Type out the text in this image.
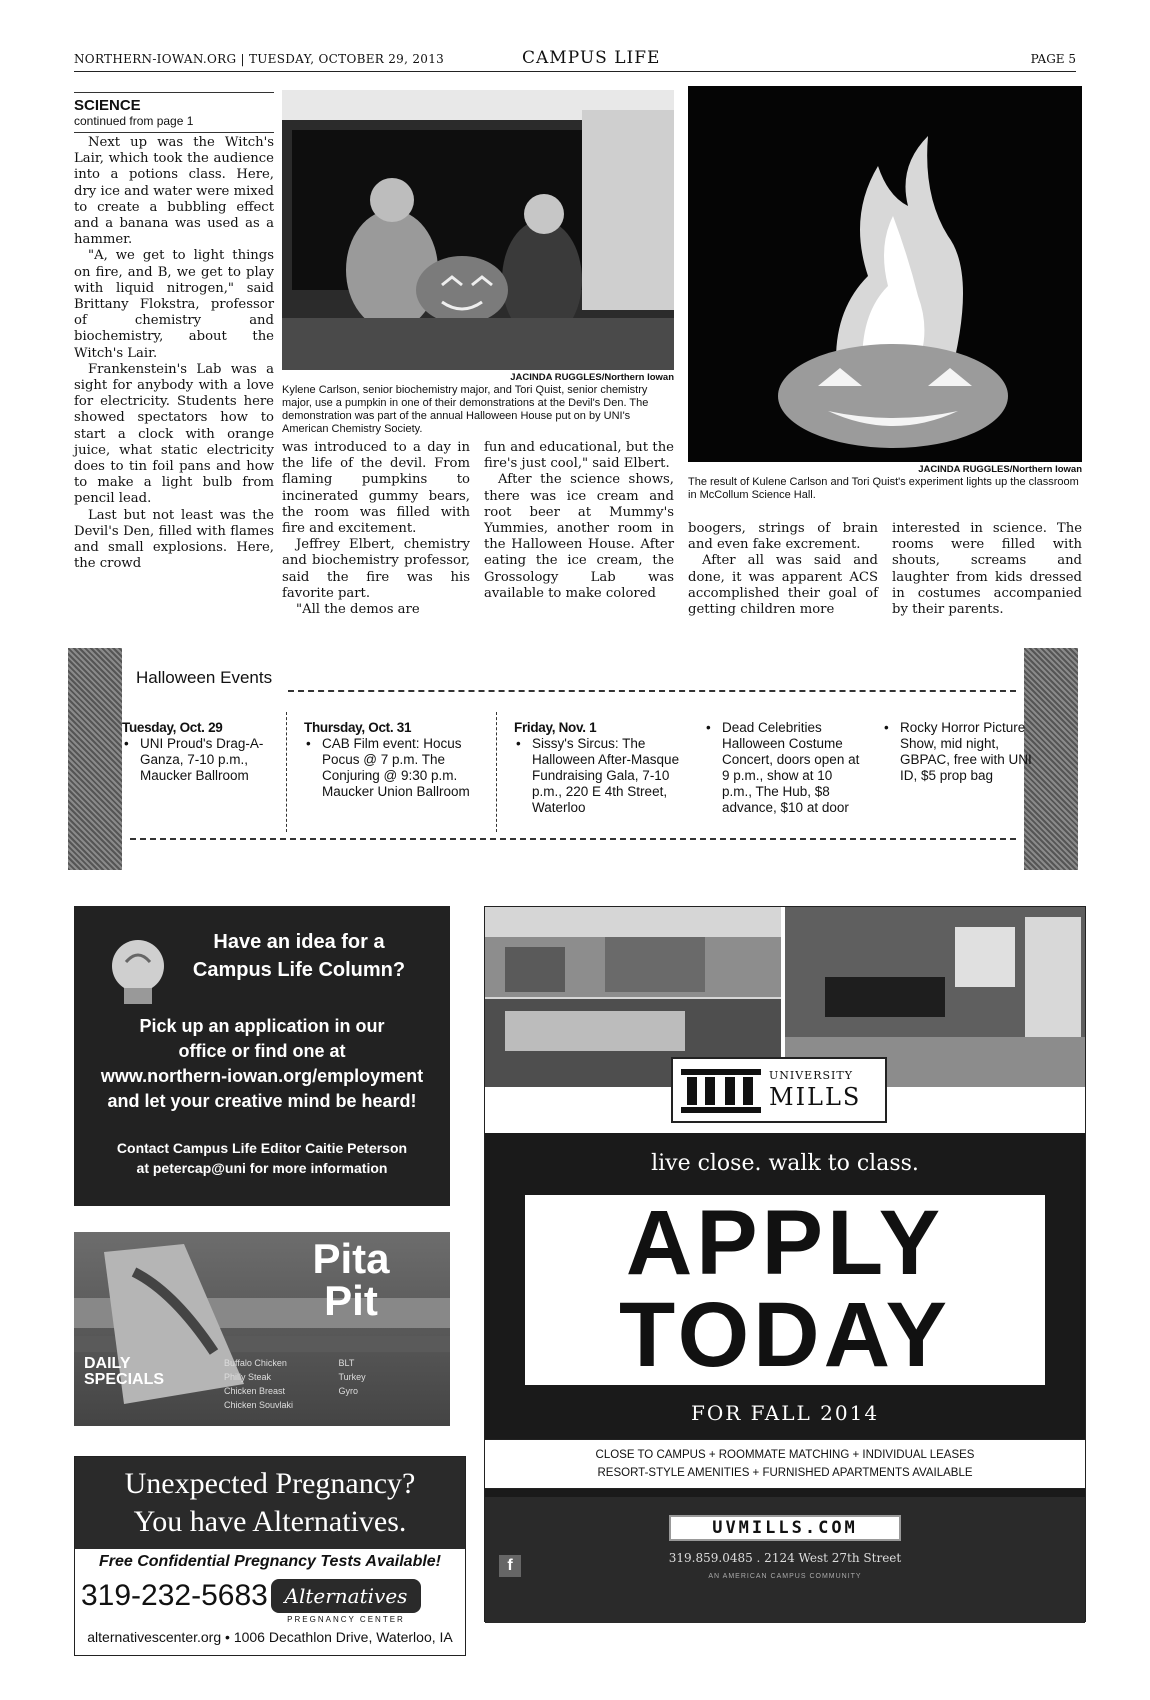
NORTHERN-IOWAN.ORG | TUESDAY, OCTOBER 29, 2013	CAMPUS LIFE	PAGE 5
SCIENCE
continued from page 1

Next up was the Witch's Lair, which took the audience into a potions class. Here, dry ice and water were mixed to create a bubbling effect and a banana was used as a hammer.

"A, we get to light things on fire, and B, we get to play with liquid nitrogen," said Brittany Flokstra, professor of chemistry and biochemistry, about the Witch's Lair.

Frankenstein's Lab was a sight for anybody with a love for electricity. Students here showed spectators how to start a clock with orange juice, what static electricity does to tin foil pans and how to make a light bulb from pencil lead.

Last but not least was the Devil's Den, filled with flames and small explosions. Here, the crowd

JACINDA RUGGLES/Northern Iowan
Kylene Carlson, senior biochemistry major, and Tori Quist, senior chemistry major, use a pumpkin in one of their demonstrations at the Devil's Den. The demonstration was part of the annual Halloween House put on by UNI's American Chemistry Society.

was introduced to a day in the life of the devil. From flaming pumpkins to incinerated gummy bears, the room was filled with fire and excitement.

Jeffrey Elbert, chemistry and biochemistry professor, said the fire was his favorite part.

"All the demos are

fun and educational, but the fire's just cool," said Elbert.

After the science shows, there was ice cream and root beer at Mummy's Yummies, another room in the Halloween House. After eating the ice cream, the Grossology Lab was available to make colored

JACINDA RUGGLES/Northern Iowan
The result of Kulene Carlson and Tori Quist's experiment lights up the classroom in McCollum Science Hall.

boogers, strings of brain and even fake excrement.

After all was said and done, it was apparent ACS accomplished their goal of getting children more

interested in science. The rooms were filled with shouts, screams and laughter from kids dressed in costumes accompanied by their parents.

Halloween Events
Tuesday, Oct. 29
• UNI Proud's Drag-A-Ganza, 7-10 p.m., Maucker Ballroom
Thursday, Oct. 31
• CAB Film event: Hocus Pocus @ 7 p.m. The Conjuring @ 9:30 p.m. Maucker Union Ballroom
Friday, Nov. 1
• Sissy's Sircus: The Halloween After-Masque Fundraising Gala, 7-10 p.m., 220 E 4th Street, Waterloo
• Dead Celebrities Halloween Costume Concert, doors open at 9 p.m., show at 10 p.m., The Hub, $8 advance, $10 at door
• Rocky Horror Picture Show, mid night, GBPAC, free with UNI ID, $5 prop bag
Have an idea for a
Campus Life Column?
Pick up an application in our
office or find one at
www.northern-iowan.org/employment
and let your creative mind be heard!
Contact Campus Life Editor Caitie Peterson
at petercap@uni for more information
Pita
Pit
DAILY
SPECIALS
Buffalo Chicken
Philly Steak
Chicken Breast
Chicken Souvlaki
BLT
Turkey
Gyro
Unexpected Pregnancy?
You have Alternatives.
Free Confidential Pregnancy Tests Available!
319-232-5683 Alternatives
PREGNANCY CENTER
alternativescenter.org • 1006 Decathlon Drive, Waterloo, IA
UNIVERSITY
MILLS
live close. walk to class.
APPLY
TODAY
FOR FALL 2014
CLOSE TO CAMPUS + ROOMMATE MATCHING + INDIVIDUAL LEASES
RESORT-STYLE AMENITIES + FURNISHED APARTMENTS AVAILABLE
UVMILLS.COM
319.859.0485 . 2124 West 27th Street
AN AMERICAN CAMPUS COMMUNITY
f
